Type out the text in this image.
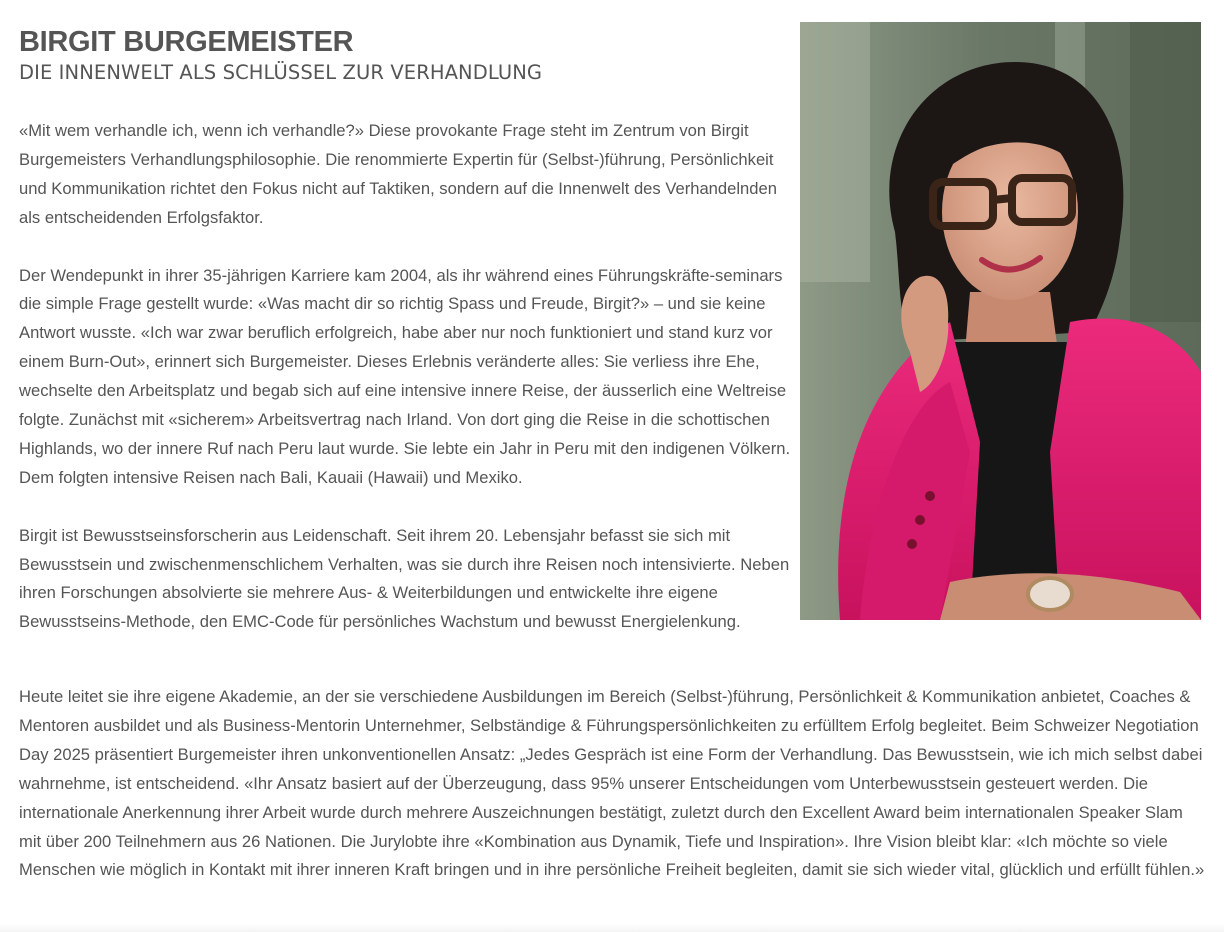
BIRGIT BURGEMEISTER
DIE INNENWELT ALS SCHLÜSSEL ZUR VERHANDLUNG

«Mit wem verhandle ich, wenn ich verhandle?» Diese provokante Frage steht im Zentrum von Birgit Burgemeisters Verhandlungsphilosophie. Die renommierte Expertin für (Selbst-)führung, Persönlichkeit und Kommunikation richtet den Fokus nicht auf Taktiken, sondern auf die Innenwelt des Verhandelnden als entscheidenden Erfolgsfaktor.

Der Wendepunkt in ihrer 35-jährigen Karriere kam 2004, als ihr während eines Führungskräfte-seminars die simple Frage gestellt wurde: «Was macht dir so richtig Spass und Freude, Birgit?» – und sie keine Antwort wusste. «Ich war zwar beruflich erfolgreich, habe aber nur noch funktioniert und stand kurz vor einem Burn-Out», erinnert sich Burgemeister. Dieses Erlebnis veränderte alles: Sie verliess ihre Ehe, wechselte den Arbeitsplatz und begab sich auf eine intensive innere Reise, der äusserlich eine Weltreise folgte. Zunächst mit «sicherem» Arbeitsvertrag nach Irland. Von dort ging die Reise in die schottischen Highlands, wo der innere Ruf nach Peru laut wurde. Sie lebte ein Jahr in Peru mit den indigenen Völkern. Dem folgten intensive Reisen nach Bali, Kauaii (Hawaii) und Mexiko.

Birgit ist Bewusstseinsforscherin aus Leidenschaft. Seit ihrem 20. Lebensjahr befasst sie sich mit Bewusstsein und zwischenmenschlichem Verhalten, was sie durch ihre Reisen noch intensivierte. Neben ihren Forschungen absolvierte sie mehrere Aus- & Weiterbildungen und entwickelte ihre eigene Bewusstseins-Methode, den EMC-Code für persönliches Wachstum und bewusst Energielenkung.

Heute leitet sie ihre eigene Akademie, an der sie verschiedene Ausbildungen im Bereich (Selbst-)führung, Persönlichkeit & Kommunikation anbietet, Coaches & Mentoren ausbildet und als Business-Mentorin Unternehmer, Selbständige & Führungspersönlichkeiten zu erfülltem Erfolg begleitet. Beim Schweizer Negotiation Day 2025 präsentiert Burgemeister ihren unkonventionellen Ansatz: „Jedes Gespräch ist eine Form der Verhandlung. Das Bewusstsein, wie ich mich selbst dabei wahrnehme, ist entscheidend. «Ihr Ansatz basiert auf der Überzeugung, dass 95% unserer Entscheidungen vom Unterbewusstsein gesteuert werden. Die internationale Anerkennung ihrer Arbeit wurde durch mehrere Auszeichnungen bestätigt, zuletzt durch den Excellent Award beim internationalen Speaker Slam mit über 200 Teilnehmern aus 26 Nationen. Die Jurylobte ihre «Kombination aus Dynamik, Tiefe und Inspiration». Ihre Vision bleibt klar: «Ich möchte so viele Menschen wie möglich in Kontakt mit ihrer inneren Kraft bringen und in ihre persönliche Freiheit begleiten, damit sie sich wieder vital, glücklich und erfüllt fühlen.»
